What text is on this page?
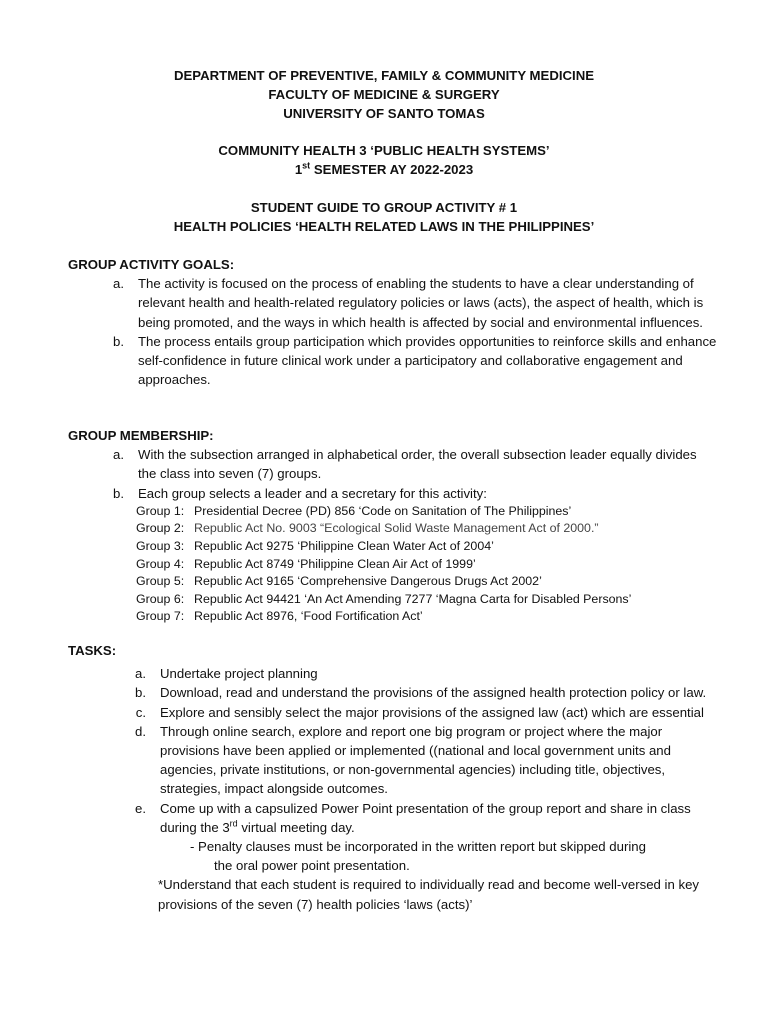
DEPARTMENT OF PREVENTIVE, FAMILY & COMMUNITY MEDICINE
FACULTY OF MEDICINE & SURGERY
UNIVERSITY OF SANTO TOMAS
COMMUNITY HEALTH 3 ‘PUBLIC HEALTH SYSTEMS’
1st SEMESTER AY 2022-2023
STUDENT GUIDE TO GROUP ACTIVITY # 1
HEALTH POLICIES ‘HEALTH RELATED LAWS IN THE PHILIPPINES’
GROUP ACTIVITY GOALS:
a.	The activity is focused on the process of enabling the students to have a clear understanding of relevant health and health-related regulatory policies or laws (acts), the aspect of health, which is being promoted, and the ways in which health is affected by social and environmental influences.
b.	The process entails group participation which provides opportunities to reinforce skills and enhance self-confidence in future clinical work under a participatory and collaborative engagement and approaches.
GROUP MEMBERSHIP:
a.	With the subsection arranged in alphabetical order, the overall subsection leader equally divides the class into seven (7) groups.
b.	Each group selects a leader and a secretary for this activity:
Group 1: Presidential Decree (PD) 856 ‘Code on Sanitation of The Philippines’
Group 2: Republic Act No. 9003 “Ecological Solid Waste Management Act of 2000.”
Group 3: Republic Act 9275 ‘Philippine Clean Water Act of 2004’
Group 4: Republic Act 8749 ‘Philippine Clean Air Act of 1999’
Group 5: Republic Act 9165 ‘Comprehensive Dangerous Drugs Act 2002’
Group 6: Republic Act 94421 ‘An Act Amending 7277 ‘Magna Carta for Disabled Persons’
Group 7: Republic Act 8976, ‘Food Fortification Act’
TASKS:
a.	Undertake project planning
b.	Download, read and understand the provisions of the assigned health protection policy or law.
c.	Explore and sensibly select the major provisions of the assigned law (act) which are essential
d.	Through online search, explore and report one big program or project where the major provisions have been applied or implemented ((national and local government units and agencies, private institutions, or non-governmental agencies) including title, objectives, strategies, impact alongside outcomes.
e.	Come up with a capsulized Power Point presentation of the group report and share in class during the 3rd virtual meeting day.
- Penalty clauses must be incorporated in the written report but skipped during
the oral power point presentation.
*Understand that each student is required to individually read and become well-versed in key provisions of the seven (7) health policies ‘laws (acts)’
